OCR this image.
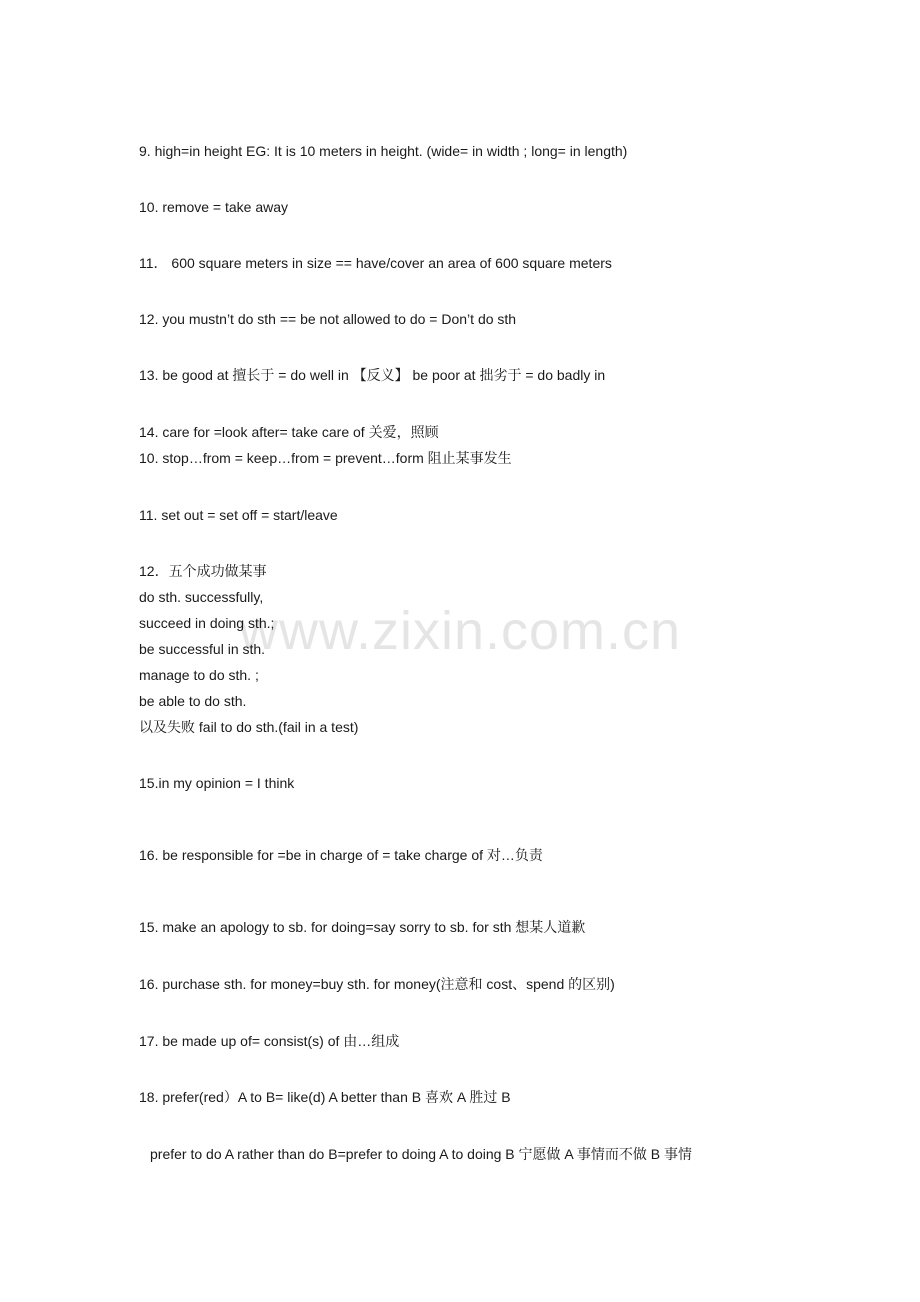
www.zixin.com.cn
9. high=in height EG: It is 10 meters in height. (wide= in width ; long= in length)
10. remove = take away
11． 600 square meters in size == have/cover an area of 600 square meters
12. you mustn’t do sth == be not allowed to do = Don’t do sth
13. be good at 擅长于 = do well in 【反义】 be poor at 拙劣于 = do badly in
14. care for =look after= take care of 关爱，照顾
10. stop…from = keep…from = prevent…form 阻止某事发生
11. set out = set off = start/leave
12．五个成功做某事
do sth. successfully,
succeed in doing sth.;
be successful in sth.
manage to do sth. ;
be able to do sth.
以及失败 fail to do sth.(fail in a test)
15.in my opinion = I think
16. be responsible for =be in charge of = take charge of 对…负责
15. make an apology to sb. for doing=say sorry to sb. for sth 想某人道歉
16. purchase sth. for money=buy sth. for money(注意和 cost、spend 的区别)
17. be made up of= consist(s) of 由…组成
18. prefer(red）A to B= like(d) A better than B 喜欢 A 胜过 B
prefer to do A rather than do B=prefer to doing A to doing B 宁愿做 A 事情而不做 B 事情
